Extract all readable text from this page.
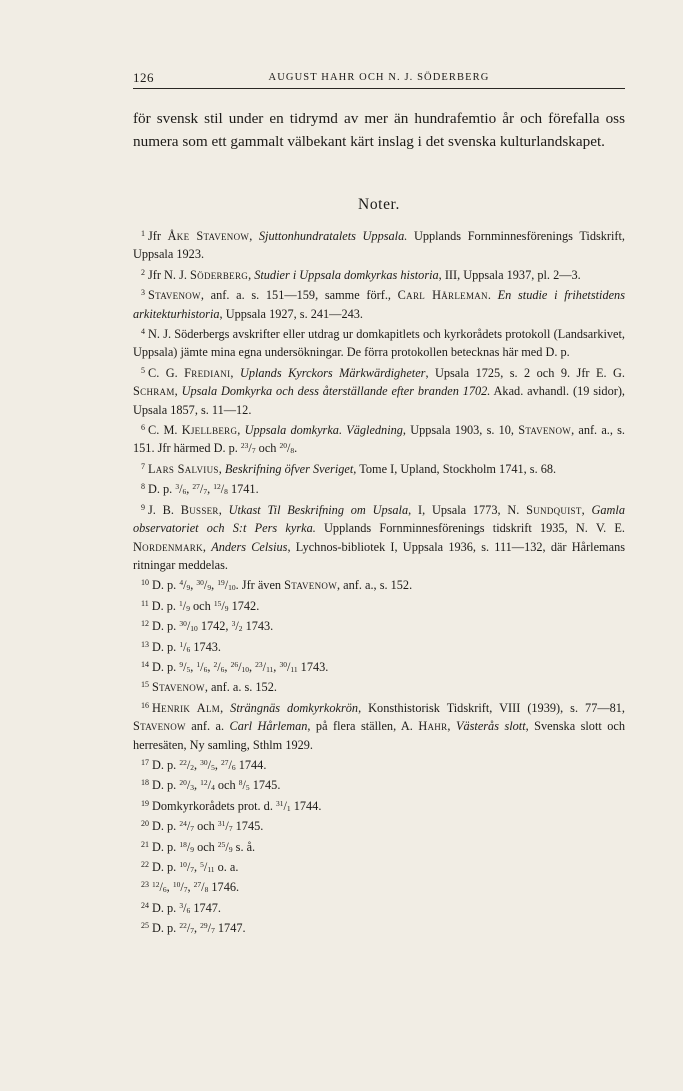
126	AUGUST HAHR OCH N. J. SÖDERBERG
för svensk stil under en tidrymd av mer än hundrafemtio år och förefalla oss numera som ett gammalt välbekant kärt inslag i det svenska kulturlandskapet.
Noter.

$^1$ Jfr Åke Stavenow, Sjuttonhundratalets Uppsala. Upplands Fornminnesförenings Tidskrift, Uppsala 1923.

$^2$ Jfr N. J. Söderberg, Studier i Uppsala domkyrkas historia, III, Uppsala 1937, pl. 2—3.

$^3$ Stavenow, anf. a. s. 151—159, samme förf., Carl Hårleman. En studie i frihetstidens arkitekturhistoria, Uppsala 1927, s. 241—243.

$^4$ N. J. Söderbergs avskrifter eller utdrag ur domkapitlets och kyrkorådets protokoll (Landsarkivet, Uppsala) jämte mina egna undersökningar. De förra protokollen betecknas här med D. p.

$^5$ C. G. Frediani, Uplands Kyrckors Märkwärdigheter, Upsala 1725, s. 2 och 9. Jfr E. G. Schram, Upsala Domkyrka och dess återställande efter branden 1702. Akad. avhandl. (19 sidor), Upsala 1857, s. 11—12.

$^6$ C. M. Kjellberg, Uppsala domkyrka. Vägledning, Uppsala 1903, s. 10, Stavenow, anf. a., s. 151. Jfr härmed D. p. $^{23}/_7$ och $^{20}/_8$.

$^7$ Lars Salvius, Beskrifning öfver Sveriget, Tome I, Upland, Stockholm 1741, s. 68.

$^8$ D. p. $^3/_6$, $^{27}/_7$, $^{12}/_8$ 1741.

$^9$ J. B. Busser, Utkast Til Beskrifning om Upsala, I, Upsala 1773, N. Sundquist, Gamla observatoriet och S:t Pers kyrka. Upplands Fornminnesförenings tidskrift 1935, N. V. E. Nordenmark, Anders Celsius, Lychnos-bibliotek I, Uppsala 1936, s. 111—132, där Hårlemans ritningar meddelas.

$^{10}$ D. p. $^4/_9$, $^{30}/_9$, $^{19}/_{10}$. Jfr även Stavenow, anf. a., s. 152.

$^{11}$ D. p. $^1/_9$ och $^{15}/_9$ 1742.

$^{12}$ D. p. $^{30}/_{10}$ 1742, $^3/_2$ 1743.

$^{13}$ D. p. $^1/_6$ 1743.

$^{14}$ D. p. $^9/_5$, $^1/_6$, $^2/_6$, $^{26}/_{10}$, $^{23}/_{11}$, $^{30}/_{11}$ 1743.

$^{15}$ Stavenow, anf. a. s. 152.

$^{16}$ Henrik Alm, Strängnäs domkyrkokrön, Konsthistorisk Tidskrift, VIII (1939), s. 77—81, Stavenow anf. a. Carl Hårleman, på flera ställen, A. Hahr, Västerås slott, Svenska slott och herresäten, Ny samling, Sthlm 1929.

$^{17}$ D. p. $^{22}/_2$, $^{30}/_5$, $^{27}/_6$ 1744.

$^{18}$ D. p. $^{20}/_3$, $^{12}/_4$ och $^8/_5$ 1745.

$^{19}$ Domkyrkorådets prot. d. $^{31}/_1$ 1744.

$^{20}$ D. p. $^{24}/_7$ och $^{31}/_7$ 1745.

$^{21}$ D. p. $^{18}/_9$ och $^{25}/_9$ s. å.

$^{22}$ D. p. $^{10}/_7$, $^5/_{11}$ o. a.

$^{23}$ $^{12}/_6$, $^{10}/_7$, $^{27}/_8$ 1746.

$^{24}$ D. p. $^3/_6$ 1747.

$^{25}$ D. p. $^{22}/_7$, $^{29}/_7$ 1747.
